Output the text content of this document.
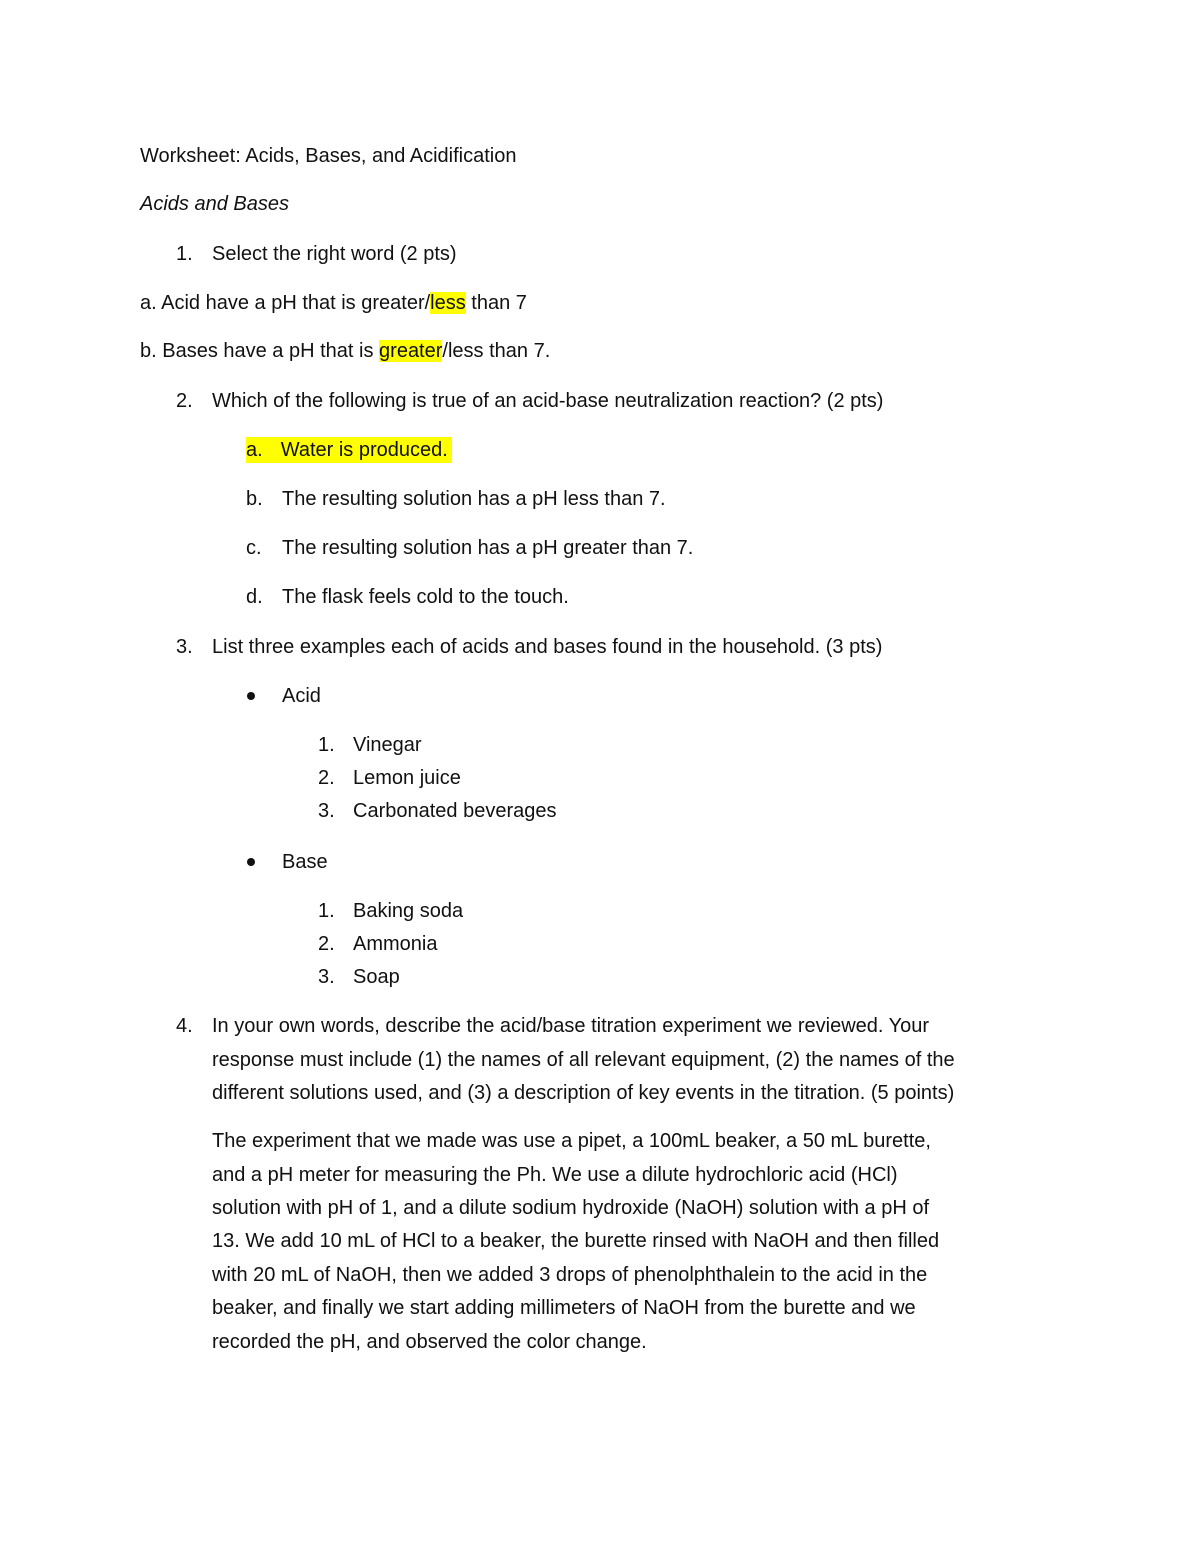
Worksheet: Acids, Bases, and Acidification
Acids and Bases
1. Select the right word (2 pts)
a. Acid have a pH that is greater/less than 7
b. Bases have a pH that is greater/less than 7.
2. Which of the following is true of an acid-base neutralization reaction? (2 pts)
a. Water is produced.
b. The resulting solution has a pH less than 7.
c. The resulting solution has a pH greater than 7.
d. The flask feels cold to the touch.
3. List three examples each of acids and bases found in the household. (3 pts)
Acid
1. Vinegar
2. Lemon juice
3. Carbonated beverages
Base
1. Baking soda
2. Ammonia
3. Soap
4. In your own words, describe the acid/base titration experiment we reviewed. Your
response must include (1) the names of all relevant equipment, (2) the names of the
different solutions used, and (3) a description of key events in the titration. (5 points)
The experiment that we made was use a pipet, a 100mL beaker, a 50 mL burette,
and a pH meter for measuring the Ph. We use a dilute hydrochloric acid (HCl)
solution with pH of 1, and a dilute sodium hydroxide (NaOH) solution with a pH of
13. We add 10 mL of HCl to a beaker, the burette rinsed with NaOH and then filled
with 20 mL of NaOH, then we added 3 drops of phenolphthalein to the acid in the
beaker, and finally we start adding millimeters of NaOH from the burette and we
recorded the pH, and observed the color change.
